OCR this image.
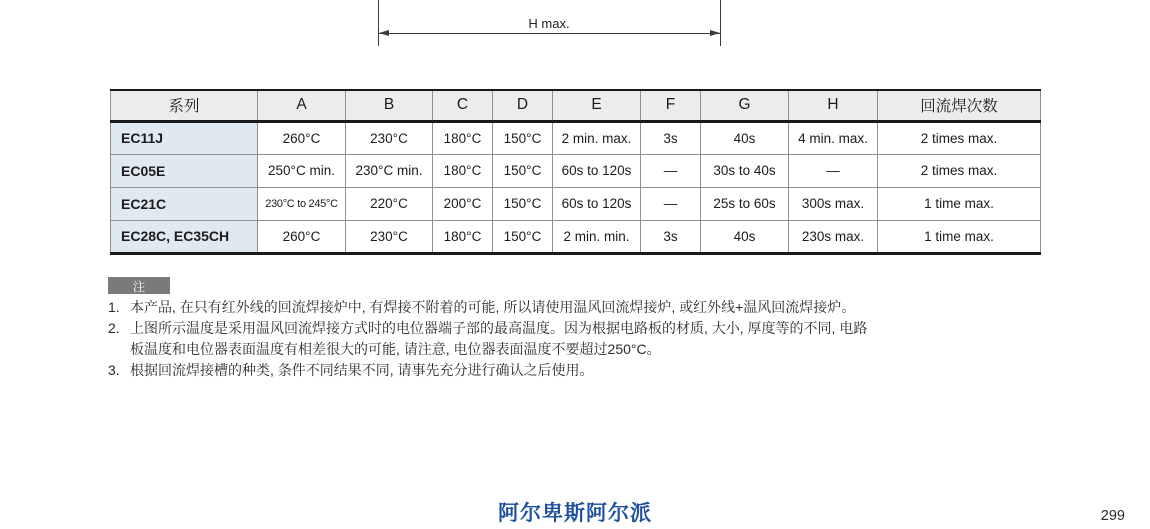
H max.
系列	A	B	C	D	E	F	G	H	回流焊次数
EC11J	260°C	230°C	180°C	150°C	2 min. max.	3s	40s	4 min. max.	2 times max.
EC05E	250°C min.	230°C min.	180°C	150°C	60s to 120s	—	30s to 40s	—	2 times max.
EC21C	230°C to 245°C	220°C	200°C	150°C	60s to 120s	—	25s to 60s	300s max.	1 time max.
EC28C, EC35CH	260°C	230°C	180°C	150°C	2 min. min.	3s	40s	230s max.	1 time max.
注
1. 本产品, 在只有红外线的回流焊接炉中, 有焊接不附着的可能, 所以请使用温风回流焊接炉, 或红外线+温风回流焊接炉。
2. 上图所示温度是采用温风回流焊接方式时的电位器端子部的最高温度。因为根据电路板的材质, 大小, 厚度等的不同, 电路板温度和电位器表面温度有相差很大的可能, 请注意, 电位器表面温度不要超过250°C。
3. 根据回流焊接槽的种类, 条件不同结果不同, 请事先充分进行确认之后使用。
阿尔卑斯阿尔派	299
